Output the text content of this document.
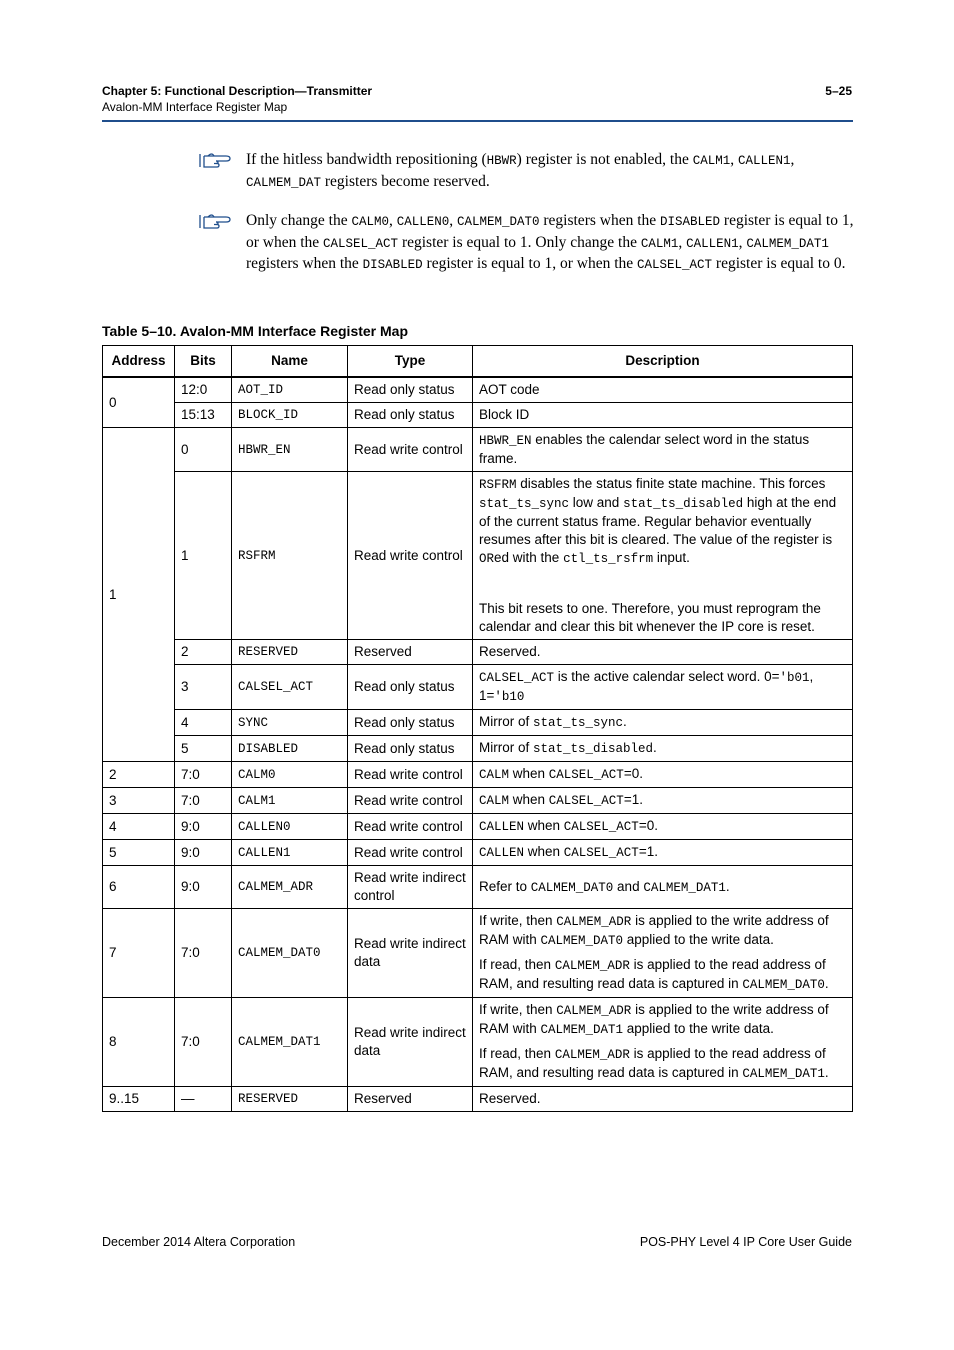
Chapter 5: Functional Description—Transmitter	5–25
Avalon-MM Interface Register Map
If the hitless bandwidth repositioning (HBWR) register is not enabled, the CALM1, CALLEN1, CALMEM_DAT registers become reserved.
Only change the CALM0, CALLEN0, CALMEM_DAT0 registers when the DISABLED register is equal to 1, or when the CALSEL_ACT register is equal to 1. Only change the CALM1, CALLEN1, CALMEM_DAT1 registers when the DISABLED register is equal to 1, or when the CALSEL_ACT register is equal to 0.
Table 5–10. Avalon-MM Interface Register Map
Address	Bits	Name	Type	Description
0	12:0	AOT_ID	Read only status	AOT code

	15:13	BLOCK_ID	Read only status	Block ID

1	0	HBWR_EN	Read write control	HBWR_EN enables the calendar select word in the status frame.

	1	RSFRM	Read write control	RSFRM disables the status finite state machine. This forces stat_ts_sync low and stat_ts_disabled high at the end of the current status frame. Regular behavior eventually resumes after this bit is cleared. The value of the register is ORed with the ctl_ts_rsfrm input.

This bit resets to one. Therefore, you must reprogram the calendar and clear this bit whenever the IP core is reset.

	2	RESERVED	Reserved	Reserved.

	3	CALSEL_ACT	Read only status	CALSEL_ACT is the active calendar select word. 0='b01, 1='b10

	4	SYNC	Read only status	Mirror of stat_ts_sync.

	5	DISABLED	Read only status	Mirror of stat_ts_disabled.

2	7:0	CALM0	Read write control	CALM when CALSEL_ACT=0.

3	7:0	CALM1	Read write control	CALM when CALSEL_ACT=1.

4	9:0	CALLEN0	Read write control	CALLEN when CALSEL_ACT=0.

5	9:0	CALLEN1	Read write control	CALLEN when CALSEL_ACT=1.

6	9:0	CALMEM_ADR	Read write indirect control	Refer to CALMEM_DAT0 and CALMEM_DAT1.

7	7:0	CALMEM_DAT0	Read write indirect data	If write, then CALMEM_ADR is applied to the write address of RAM with CALMEM_DAT0 applied to the write data.

If read, then CALMEM_ADR is applied to the read address of RAM, and resulting read data is captured in CALMEM_DAT0.

8	7:0	CALMEM_DAT1	Read write indirect data	If write, then CALMEM_ADR is applied to the write address of RAM with CALMEM_DAT1 applied to the write data.

If read, then CALMEM_ADR is applied to the read address of RAM, and resulting read data is captured in CALMEM_DAT1.

9..15	—	RESERVED	Reserved	Reserved.

December 2014 Altera Corporation	POS-PHY Level 4 IP Core User Guide
